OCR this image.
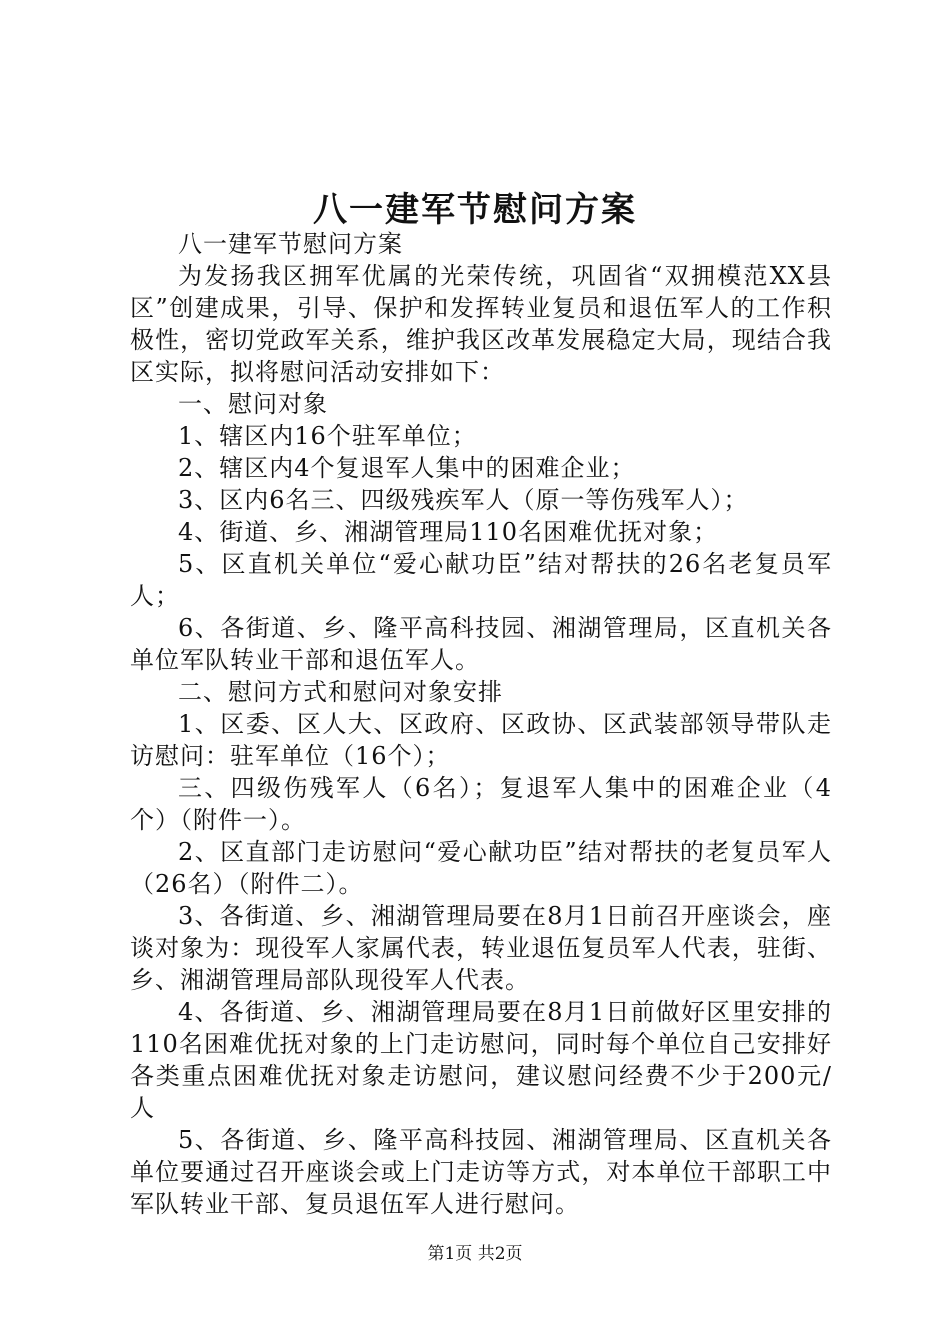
八一建军节慰问方案

八一建军节慰问方案

为发扬我区拥军优属的光荣传统，巩固省“双拥模范XX县区”创建成果，引导、保护和发挥转业复员和退伍军人的工作积极性，密切党政军关系，维护我区改革发展稳定大局，现结合我区实际，拟将慰问活动安排如下：

一、慰问对象

1、辖区内16个驻军单位；

2、辖区内4个复退军人集中的困难企业；

3、区内6名三、四级残疾军人（原一等伤残军人）；

4、街道、乡、湘湖管理局110名困难优抚对象；

5、区直机关单位“爱心献功臣”结对帮扶的26名老复员军人；

6、各街道、乡、隆平高科技园、湘湖管理局，区直机关各单位军队转业干部和退伍军人。

二、慰问方式和慰问对象安排

1、区委、区人大、区政府、区政协、区武装部领导带队走访慰问：驻军单位（16个）；

三、四级伤残军人（6名）；复退军人集中的困难企业（4个）（附件一）。

2、区直部门走访慰问“爱心献功臣”结对帮扶的老复员军人（26名）（附件二）。

3、各街道、乡、湘湖管理局要在8月1日前召开座谈会，座谈对象为：现役军人家属代表，转业退伍复员军人代表，驻街、乡、湘湖管理局部队现役军人代表。

4、各街道、乡、湘湖管理局要在8月1日前做好区里安排的110名困难优抚对象的上门走访慰问，同时每个单位自己安排好各类重点困难优抚对象走访慰问，建议慰问经费不少于200元/人

5、各街道、乡、隆平高科技园、湘湖管理局、区直机关各单位要通过召开座谈会或上门走访等方式，对本单位干部职工中军队转业干部、复员退伍军人进行慰问。

第1页 共2页
